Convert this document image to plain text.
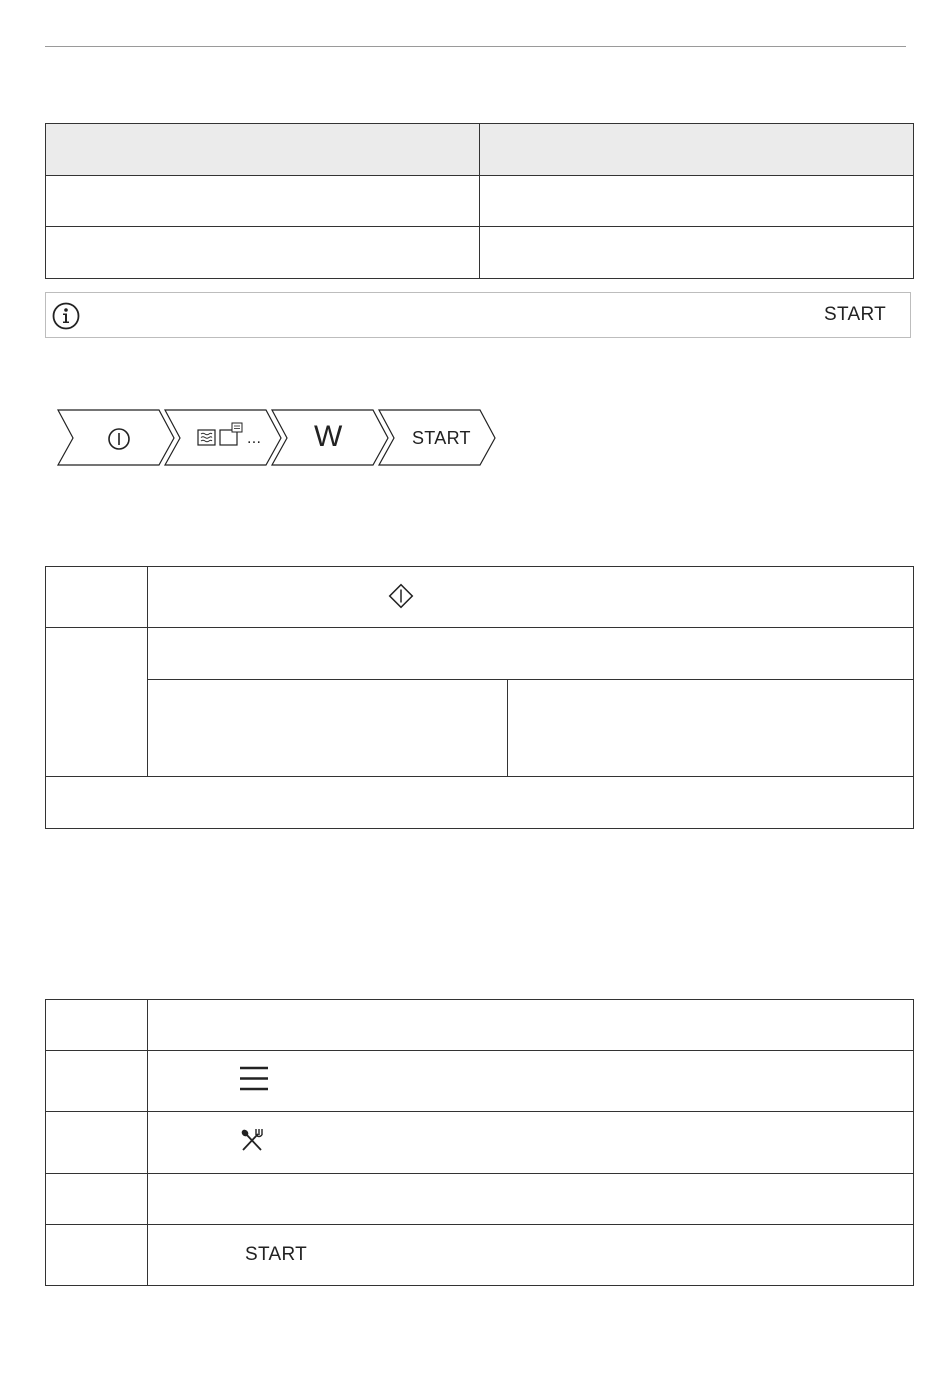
START
... W	START

START
